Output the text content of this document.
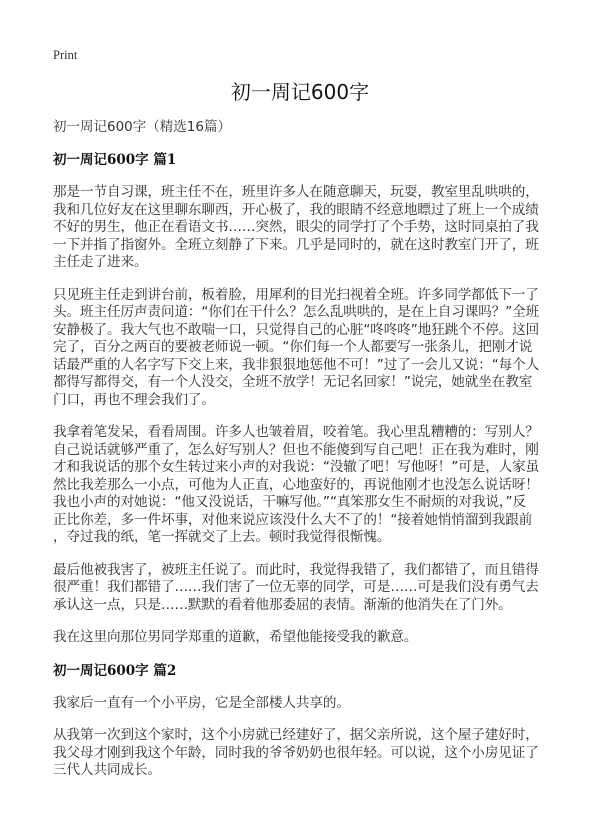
Print
初一周记600字
初一周记600字（精选16篇）
初一周记600字 篇1

那是一节自习课，班主任不在，班里许多人在随意聊天，玩耍，教室里乱哄哄的，
我和几位好友在这里聊东聊西，开心极了，我的眼睛不经意地瞟过了班上一个成绩
不好的男生，他正在看语文书……突然，眼尖的同学打了个手势，这时同桌拍了我
一下并指了指窗外。全班立刻静了下来。几乎是同时的，就在这时教室门开了，班
主任走了进来。

只见班主任走到讲台前，板着脸，用犀利的目光扫视着全班。许多同学都低下一了
头。班主任厉声责问道：“你们在干什么？怎么乱哄哄的，是在上自习课吗？”全班
安静极了。我大气也不敢喘一口，只觉得自己的心脏“咚咚咚”地狂跳个不停。这回
完了，百分之两百的要被老师说一顿。“你们每一个人都要写一张条儿，把刚才说
话最严重的人名字写下交上来，我非狠狠地惩他不可！”过了一会儿又说：“每个人
都得写都得交，有一个人没交，全班不放学！无记名回家！”说完，她就坐在教室
门口，再也不理会我们了。

我拿着笔发呆，看看周围。许多人也皱着眉，咬着笔。我心里乱糟糟的：写别人？
自己说话就够严重了，怎么好写别人？但也不能傻到写自己吧！正在我为难时，刚
才和我说话的那个女生转过来小声的对我说：“没辙了吧！写他呀！”可是，人家虽
然比我差那么一小点，可他为人正直，心地蛮好的，再说他刚才也没怎么说话呀！
我也小声的对她说：“他又没说话，干嘛写他。”“真笨那女生不耐烦的对我说，”反
正比你差，多一件坏事，对他来说应该没什么大不了的！“接着她悄悄溜到我跟前
，夺过我的纸，笔一挥就交了上去。顿时我觉得很惭愧。

最后他被我害了，被班主任说了。而此时，我觉得我错了，我们都错了，而且错得
很严重！我们都错了……我们害了一位无辜的同学，可是……可是我们没有勇气去
承认这一点，只是……默默的看着他那委屈的表情。渐渐的他消失在了门外。

我在这里向那位男同学郑重的道歉，希望他能接受我的歉意。

初一周记600字 篇2

我家后一直有一个小平房，它是全部楼人共享的。

从我第一次到这个家时，这个小房就已经建好了，据父亲所说，这个屋子建好时，
我父母才刚到我这个年龄，同时我的爷爷奶奶也很年轻。可以说，这个小房见证了
三代人共同成长。
